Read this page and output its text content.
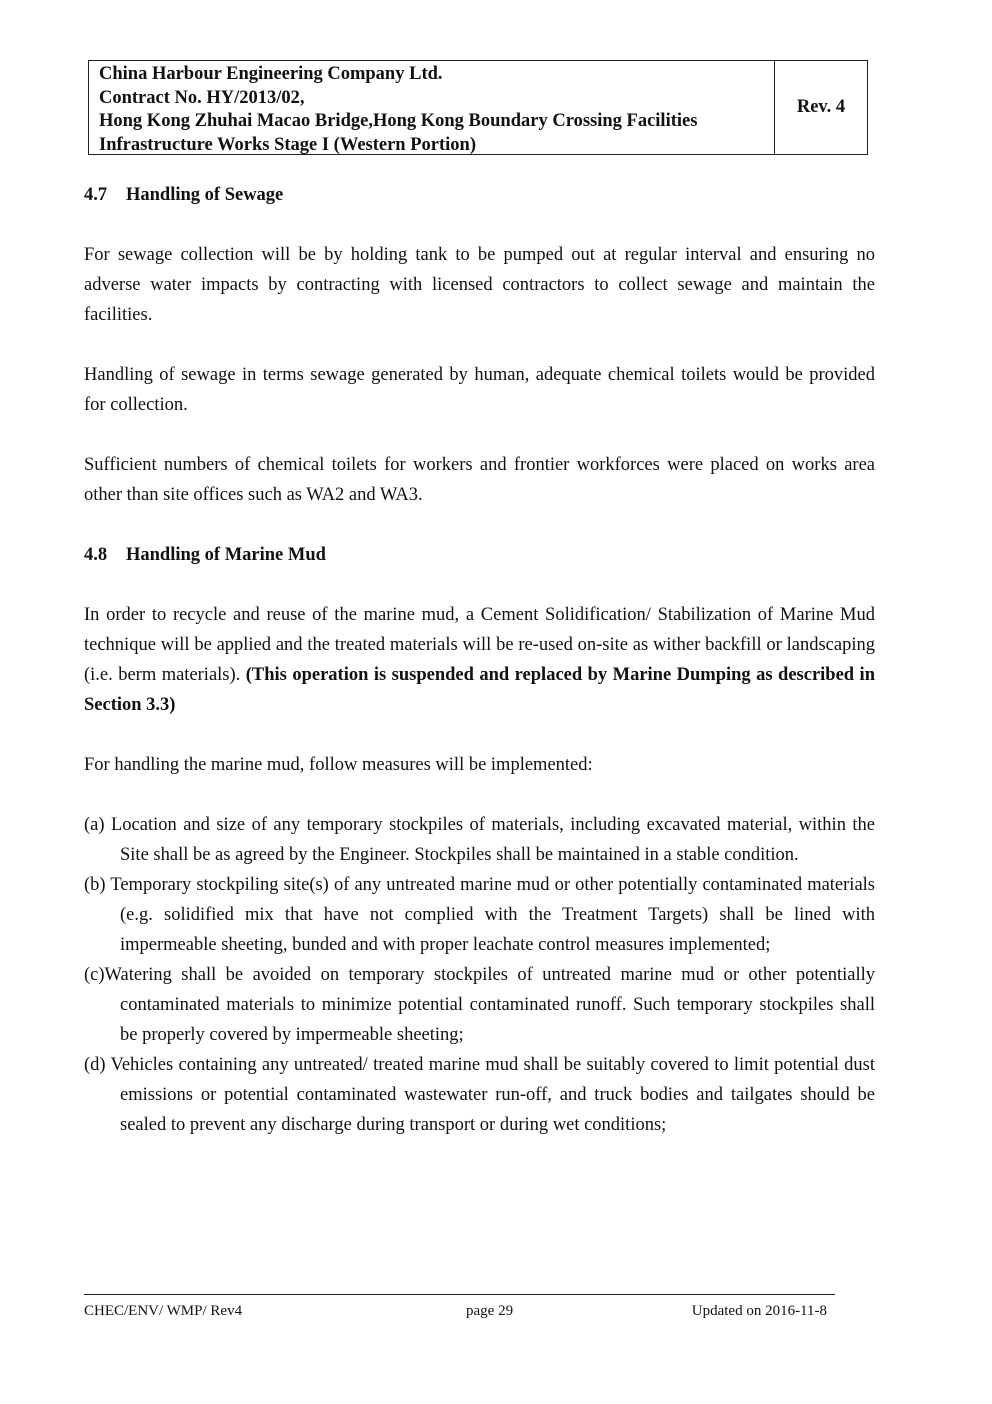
China Harbour Engineering Company Ltd.
Contract No. HY/2013/02,
Hong Kong Zhuhai Macao Bridge,Hong Kong Boundary Crossing Facilities
Infrastructure Works Stage I (Western Portion)
Rev. 4
4.7 Handling of Sewage

For sewage collection will be by holding tank to be pumped out at regular interval and ensuring no adverse water impacts by contracting with licensed contractors to collect sewage and maintain the facilities.

Handling of sewage in terms sewage generated by human, adequate chemical toilets would be provided for collection.

Sufficient numbers of chemical toilets for workers and frontier workforces were placed on works area other than site offices such as WA2 and WA3.

4.8 Handling of Marine Mud

In order to recycle and reuse of the marine mud, a Cement Solidification/ Stabilization of Marine Mud technique will be applied and the treated materials will be re-used on-site as wither backfill or landscaping (i.e. berm materials). (This operation is suspended and replaced by Marine Dumping as described in Section 3.3)

For handling the marine mud, follow measures will be implemented:

(a) Location and size of any temporary stockpiles of materials, including excavated material, within the Site shall be as agreed by the Engineer. Stockpiles shall be maintained in a stable condition.
(b) Temporary stockpiling site(s) of any untreated marine mud or other potentially contaminated materials (e.g. solidified mix that have not complied with the Treatment Targets) shall be lined with impermeable sheeting, bunded and with proper leachate control measures implemented;
(c)Watering shall be avoided on temporary stockpiles of untreated marine mud or other potentially contaminated materials to minimize potential contaminated runoff. Such temporary stockpiles shall be properly covered by impermeable sheeting;
(d) Vehicles containing any untreated/ treated marine mud shall be suitably covered to limit potential dust emissions or potential contaminated wastewater run-off, and truck bodies and tailgates should be sealed to prevent any discharge during transport or during wet conditions;
CHEC/ENV/ WMP/ Rev4	page 29	Updated on 2016-11-8
